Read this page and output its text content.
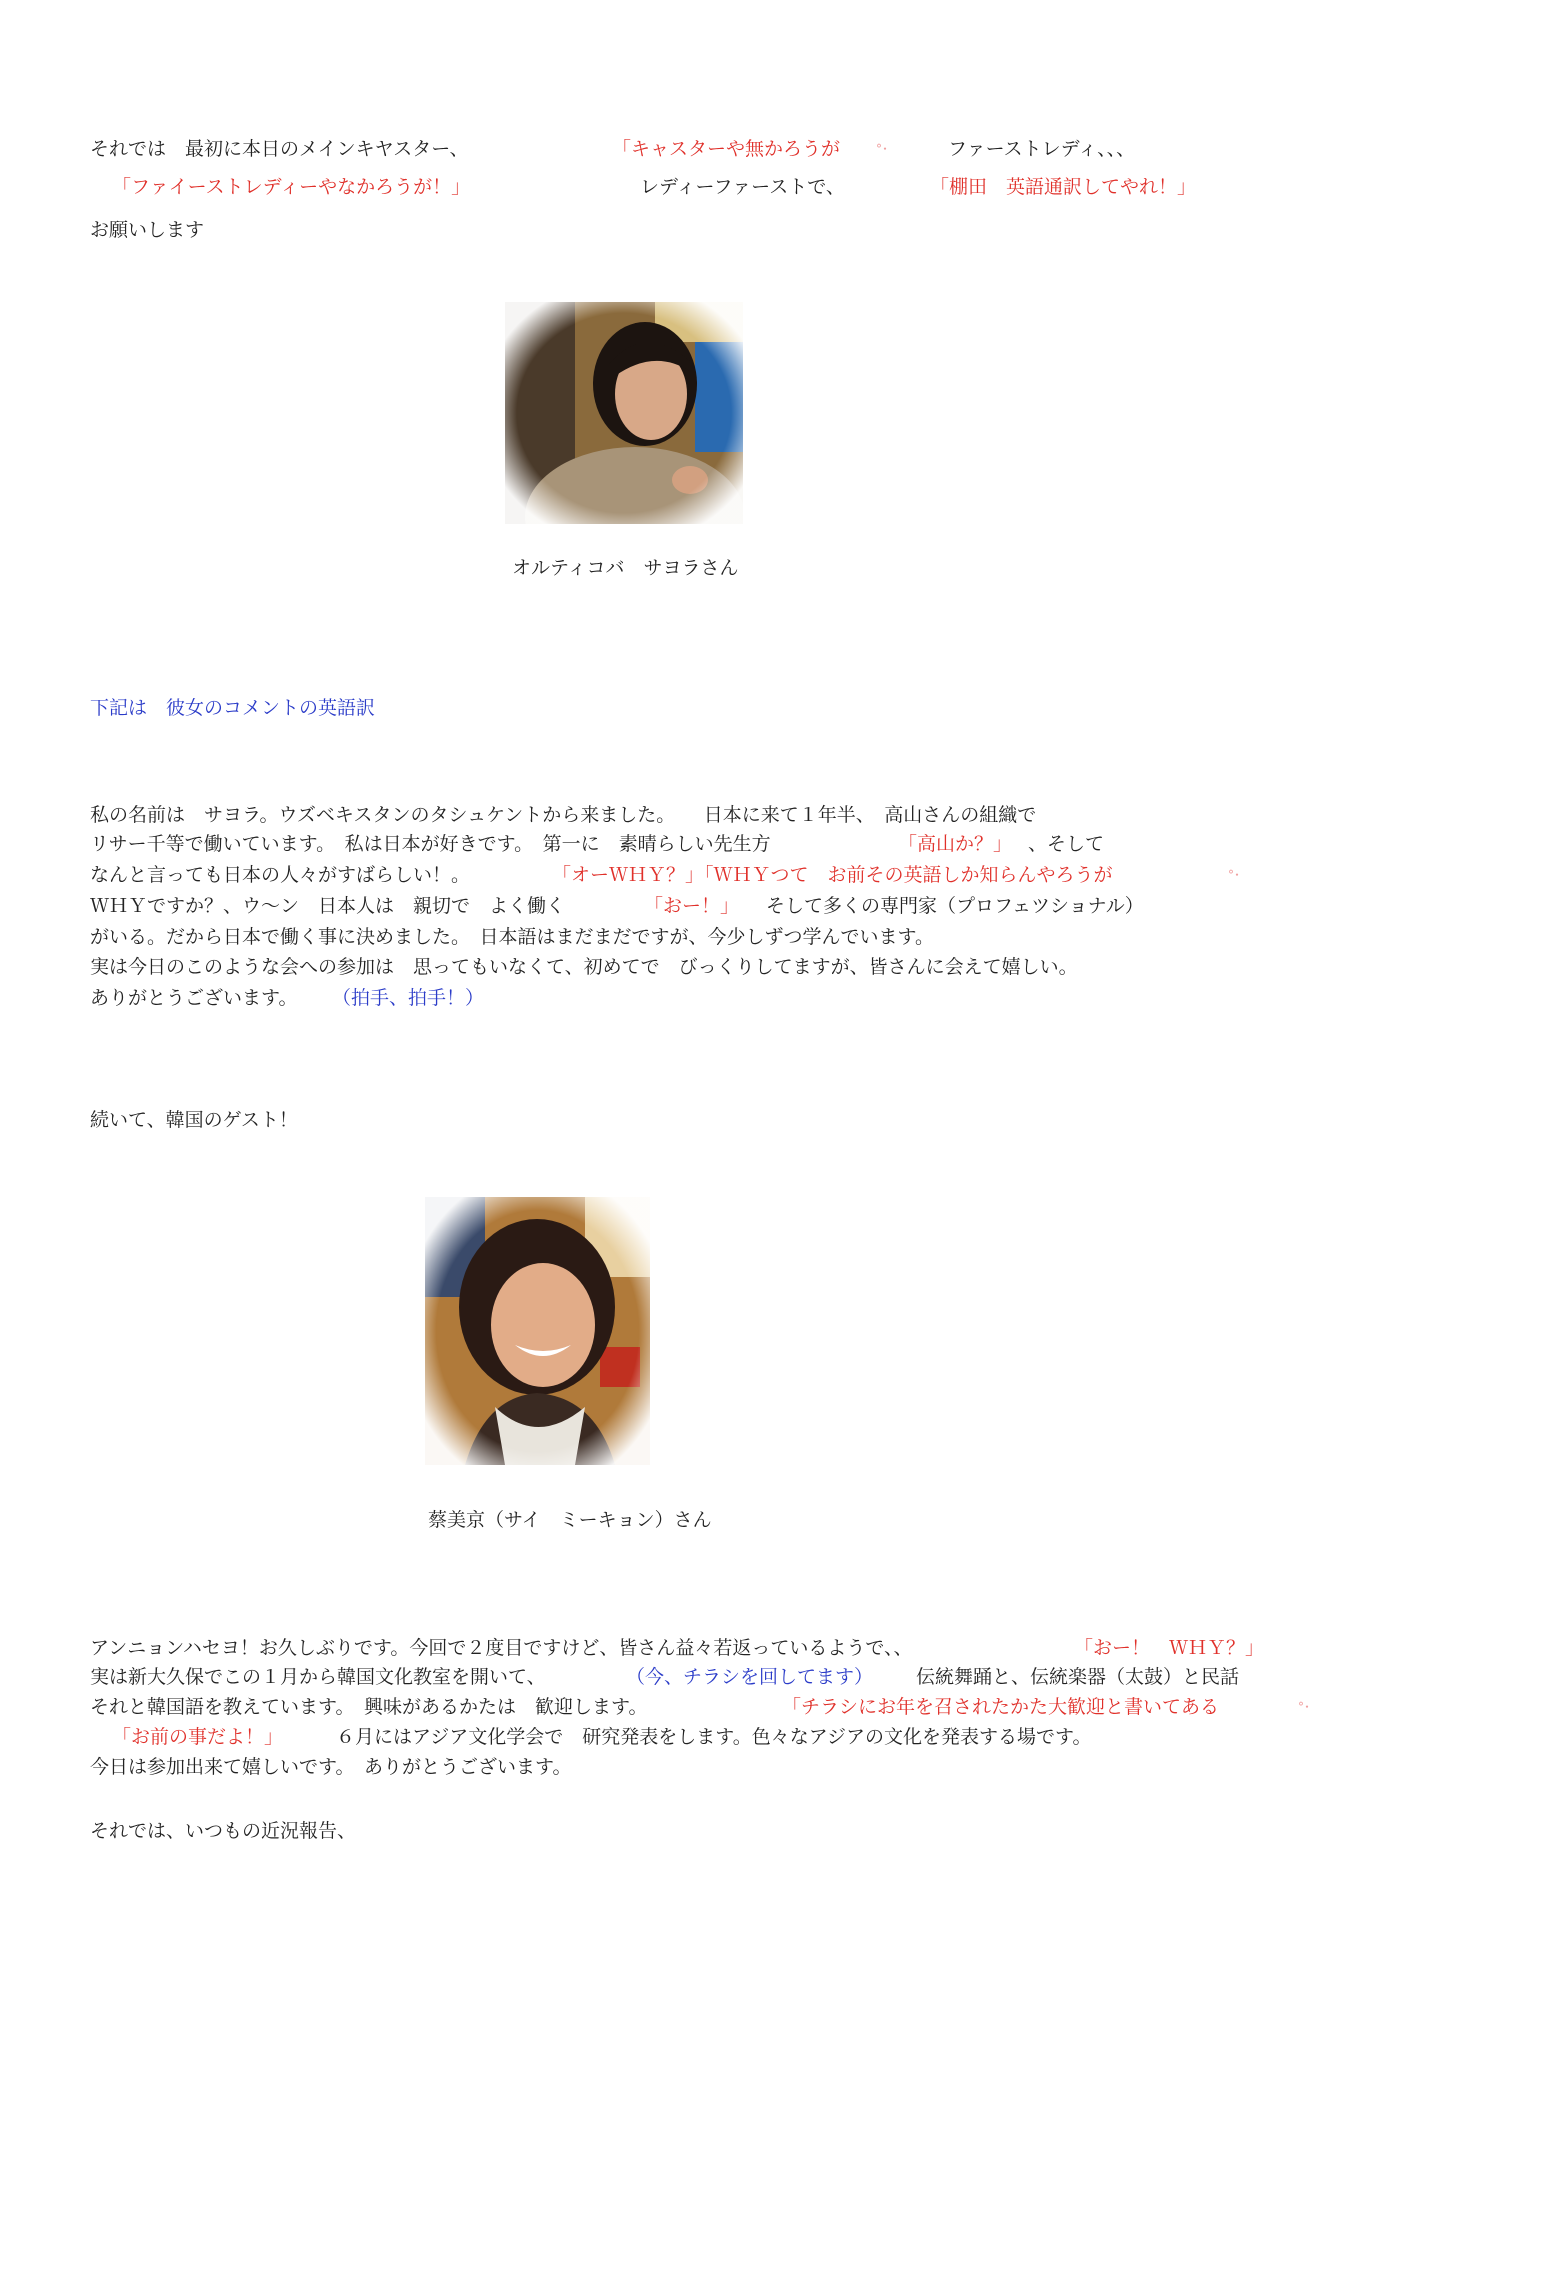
それでは　最初に本日のメインキヤスター、	「キャスターや無かろうが	°･	ファーストレディ、、、
「ファイーストレディーやなかろうが！」	レディーファーストで、	「棚田　英語通訳してやれ！」
お願いします
オルティコバ　サヨラさん
下記は　彼女のコメントの英語訳
私の名前は　サヨラ。ウズベキスタンのタシュケントから来ました。　　日本に来て１年半、　高山さんの組織で
リサー千等で働いています。　私は日本が好きです。　第一に　素晴らしい先生方	「高山か？」 、そして
なんと言っても日本の人々がすばらしい！。	「オーＷＨＹ？」「ＷＨＹつて　お前その英語しか知らんやろうが	°･
ＷＨＹですか？、ウ〜ン　日本人は　親切で　よく働く	「おー！」 そして多くの専門家（プロフェツショナル）
がいる。だから日本で働く事に決めました。　日本語はまだまだですが、今少しずつ学んでいます。
実は今日のこのような会への参加は　思ってもいなくて、初めてで　びっくりしてますが、皆さんに会えて嬉しい。
ありがとうございます。 （拍手、拍手！）
続いて、韓国のゲスト！
蔡美京（サイ　ミーキョン）さん
アンニョンハセヨ！お久しぶりです。今回で２度目ですけど、皆さん益々若返っているようで、、	「おー！　ＷＨＹ？」
実は新大久保でこの１月から韓国文化教室を開いて、	（今、チラシを回してます） 伝統舞踊と、伝統楽器（太鼓）と民話
それと韓国語を教えています。　興味があるかたは　歓迎します。	「チラシにお年を召されたかた大歓迎と書いてある	°･
「お前の事だよ！」	６月にはアジア文化学会で　研究発表をします。色々なアジアの文化を発表する場です。
今日は参加出来て嬉しいです。　ありがとうございます。
それでは、いつもの近況報告、
